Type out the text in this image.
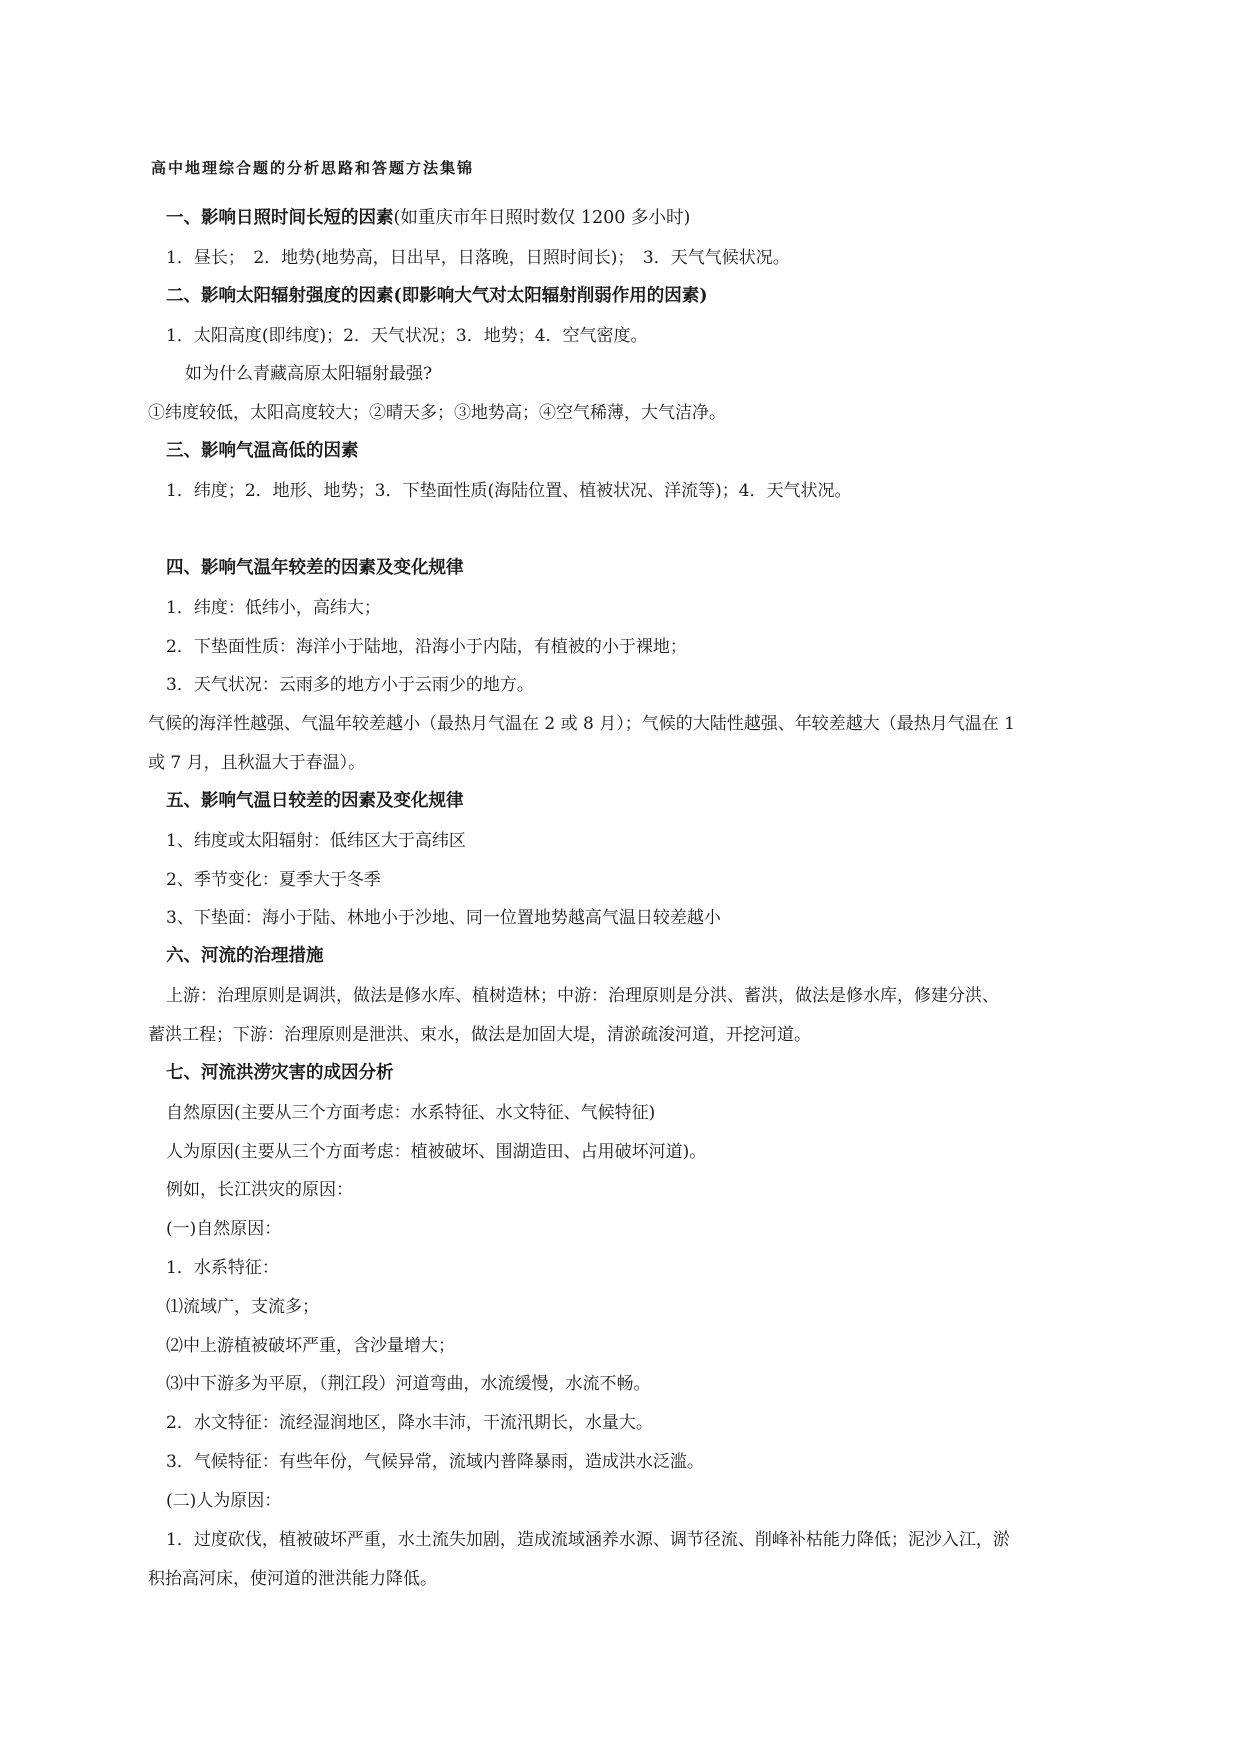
高中地理综合题的分析思路和答题方法集锦
一、影响日照时间长短的因素(如重庆市年日照时数仅 1200 多小时)
1．昼长；　2．地势(地势高，日出早，日落晚，日照时间长)；　3．天气气候状况。
二、影响太阳辐射强度的因素(即影响大气对太阳辐射削弱作用的因素)
1．太阳高度(即纬度)；2．天气状况；3．地势；4．空气密度。
如为什么青藏高原太阳辐射最强?
①纬度较低，太阳高度较大；②晴天多；③地势高；④空气稀薄，大气洁净。
三、影响气温高低的因素
1．纬度；2．地形、地势；3．下垫面性质(海陆位置、植被状况、洋流等)；4．天气状况。
四、影响气温年较差的因素及变化规律
1．纬度：低纬小，高纬大；
2．下垫面性质：海洋小于陆地，沿海小于内陆，有植被的小于裸地；
3．天气状况：云雨多的地方小于云雨少的地方。
气候的海洋性越强、气温年较差越小（最热月气温在 2 或 8 月）；气候的大陆性越强、年较差越大（最热月气温在 1
或 7 月，且秋温大于春温）。
五、影响气温日较差的因素及变化规律
1、纬度或太阳辐射：低纬区大于高纬区
2、季节变化：夏季大于冬季
3、下垫面：海小于陆、林地小于沙地、同一位置地势越高气温日较差越小
六、河流的治理措施
上游：治理原则是调洪，做法是修水库、植树造林；中游：治理原则是分洪、蓄洪，做法是修水库，修建分洪、
蓄洪工程；下游：治理原则是泄洪、束水，做法是加固大堤，清淤疏浚河道，开挖河道。
七、河流洪涝灾害的成因分析
自然原因(主要从三个方面考虑：水系特征、水文特征、气候特征)
人为原因(主要从三个方面考虑：植被破坏、围湖造田、占用破坏河道)。
例如，长江洪灾的原因：
(一)自然原因：
1．水系特征：
⑴流域广，支流多；
⑵中上游植被破坏严重，含沙量增大；
⑶中下游多为平原，（荆江段）河道弯曲，水流缓慢，水流不畅。
2．水文特征：流经湿润地区，降水丰沛，干流汛期长，水量大。
3．气候特征：有些年份，气候异常，流域内普降暴雨，造成洪水泛滥。
(二)人为原因：
1．过度砍伐，植被破坏严重，水土流失加剧，造成流域涵养水源、调节径流、削峰补枯能力降低；泥沙入江，淤
积抬高河床，使河道的泄洪能力降低。
